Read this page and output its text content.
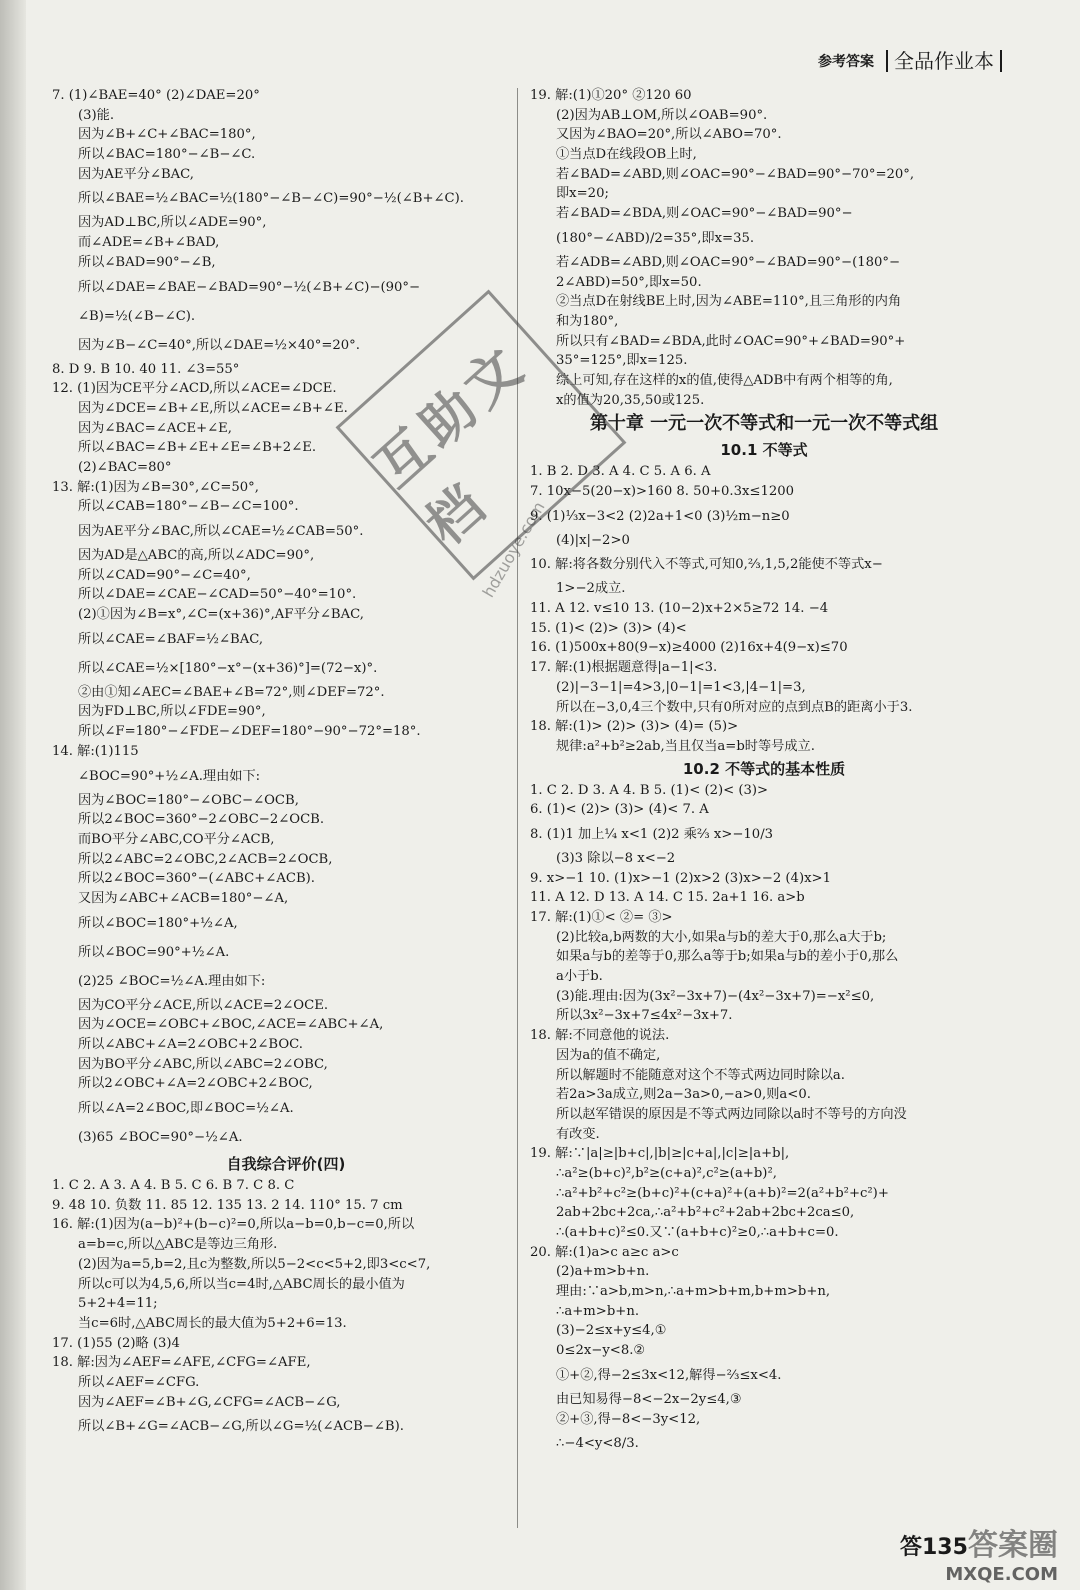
参考答案	全品作业本
7. (1)∠BAE=40° (2)∠DAE=20°
(3)能.
因为∠B+∠C+∠BAC=180°,
所以∠BAC=180°−∠B−∠C.
因为AE平分∠BAC,
所以∠BAE=½∠BAC=½(180°−∠B−∠C)=90°−½(∠B+∠C).
因为AD⊥BC,所以∠ADE=90°,
而∠ADE=∠B+∠BAD,
所以∠BAD=90°−∠B,
所以∠DAE=∠BAE−∠BAD=90°−½(∠B+∠C)−(90°−
∠B)=½(∠B−∠C).
因为∠B−∠C=40°,所以∠DAE=½×40°=20°.
8. D 9. B 10. 40 11. ∠3=55°
12. (1)因为CE平分∠ACD,所以∠ACE=∠DCE.
因为∠DCE=∠B+∠E,所以∠ACE=∠B+∠E.
因为∠BAC=∠ACE+∠E,
所以∠BAC=∠B+∠E+∠E=∠B+2∠E.
(2)∠BAC=80°
13. 解:(1)因为∠B=30°,∠C=50°,
所以∠CAB=180°−∠B−∠C=100°.
因为AE平分∠BAC,所以∠CAE=½∠CAB=50°.
因为AD是△ABC的高,所以∠ADC=90°,
所以∠CAD=90°−∠C=40°,
所以∠DAE=∠CAE−∠CAD=50°−40°=10°.
(2)①因为∠B=x°,∠C=(x+36)°,AF平分∠BAC,
所以∠CAE=∠BAF=½∠BAC,
所以∠CAE=½×[180°−x°−(x+36)°]=(72−x)°.
②由①知∠AEC=∠BAE+∠B=72°,则∠DEF=72°.
因为FD⊥BC,所以∠FDE=90°,
所以∠F=180°−∠FDE−∠DEF=180°−90°−72°=18°.
14. 解:(1)115
∠BOC=90°+½∠A.理由如下:
因为∠BOC=180°−∠OBC−∠OCB,
所以2∠BOC=360°−2∠OBC−2∠OCB.
而BO平分∠ABC,CO平分∠ACB,
所以2∠ABC=2∠OBC,2∠ACB=2∠OCB,
所以2∠BOC=360°−(∠ABC+∠ACB).
又因为∠ABC+∠ACB=180°−∠A,
所以∠BOC=180°+½∠A,
所以∠BOC=90°+½∠A.
(2)25 ∠BOC=½∠A.理由如下:
因为CO平分∠ACE,所以∠ACE=2∠OCE.
因为∠OCE=∠OBC+∠BOC,∠ACE=∠ABC+∠A,
所以∠ABC+∠A=2∠OBC+2∠BOC.
因为BO平分∠ABC,所以∠ABC=2∠OBC,
所以2∠OBC+∠A=2∠OBC+2∠BOC,
所以∠A=2∠BOC,即∠BOC=½∠A.
(3)65 ∠BOC=90°−½∠A.
自我综合评价(四)
1. C 2. A 3. A 4. B 5. C 6. B 7. C 8. C
9. 48 10. 负数 11. 85 12. 135 13. 2 14. 110° 15. 7 cm
16. 解:(1)因为(a−b)²+(b−c)²=0,所以a−b=0,b−c=0,所以
a=b=c,所以△ABC是等边三角形.
(2)因为a=5,b=2,且c为整数,所以5−2<c<5+2,即3<c<7,
所以c可以为4,5,6,所以当c=4时,△ABC周长的最小值为
5+2+4=11;
当c=6时,△ABC周长的最大值为5+2+6=13.
17. (1)55 (2)略 (3)4
18. 解:因为∠AEF=∠AFE,∠CFG=∠AFE,
所以∠AEF=∠CFG.
因为∠AEF=∠B+∠G,∠CFG=∠ACB−∠G,
所以∠B+∠G=∠ACB−∠G,所以∠G=½(∠ACB−∠B).
19. 解:(1)①20° ②120 60
(2)因为AB⊥OM,所以∠OAB=90°.
又因为∠BAO=20°,所以∠ABO=70°.
①当点D在线段OB上时,
若∠BAD=∠ABD,则∠OAC=90°−∠BAD=90°−70°=20°,
即x=20;
若∠BAD=∠BDA,则∠OAC=90°−∠BAD=90°−
(180°−∠ABD)/2=35°,即x=35.
若∠ADB=∠ABD,则∠OAC=90°−∠BAD=90°−(180°−
2∠ABD)=50°,即x=50.
②当点D在射线BE上时,因为∠ABE=110°,且三角形的内角
和为180°,
所以只有∠BAD=∠BDA,此时∠OAC=90°+∠BAD=90°+
35°=125°,即x=125.
综上可知,存在这样的x的值,使得△ADB中有两个相等的角,
x的值为20,35,50或125.
第十章 一元一次不等式和一元一次不等式组
10.1 不等式
1. B 2. D 3. A 4. C 5. A 6. A
7. 10x−5(20−x)>160 8. 50+0.3x≤1200
9. (1)⅓x−3<2 (2)2a+1<0 (3)½m−n≥0
(4)|x|−2>0
10. 解:将各数分别代入不等式,可知0,⅔,1,5,2能使不等式x−
1>−2成立.
11. A 12. v≤10 13. (10−2)x+2×5≥72 14. −4
15. (1)< (2)> (3)> (4)<
16. (1)500x+80(9−x)≥4000 (2)16x+4(9−x)≤70
17. 解:(1)根据题意得|a−1|<3.
(2)|−3−1|=4>3,|0−1|=1<3,|4−1|=3,
所以在−3,0,4三个数中,只有0所对应的点到点B的距离小于3.
18. 解:(1)> (2)> (3)> (4)= (5)>
规律:a²+b²≥2ab,当且仅当a=b时等号成立.
10.2 不等式的基本性质
1. C 2. D 3. A 4. B 5. (1)< (2)< (3)>
6. (1)< (2)> (3)> (4)< 7. A
8. (1)1 加上¼ x<1 (2)2 乘⅔ x>−10/3
(3)3 除以−8 x<−2
9. x>−1 10. (1)x>−1 (2)x>2 (3)x>−2 (4)x>1
11. A 12. D 13. A 14. C 15. 2a+1 16. a>b
17. 解:(1)①< ②= ③>
(2)比较a,b两数的大小,如果a与b的差大于0,那么a大于b;
如果a与b的差等于0,那么a等于b;如果a与b的差小于0,那么
a小于b.
(3)能.理由:因为(3x²−3x+7)−(4x²−3x+7)=−x²≤0,
所以3x²−3x+7≤4x²−3x+7.
18. 解:不同意他的说法.
因为a的值不确定,
所以解题时不能随意对这个不等式两边同时除以a.
若2a>3a成立,则2a−3a>0,−a>0,则a<0.
所以赵军错误的原因是不等式两边同除以a时不等号的方向没
有改变.
19. 解:∵|a|≥|b+c|,|b|≥|c+a|,|c|≥|a+b|,
∴a²≥(b+c)²,b²≥(c+a)²,c²≥(a+b)²,
∴a²+b²+c²≥(b+c)²+(c+a)²+(a+b)²=2(a²+b²+c²)+
2ab+2bc+2ca,∴a²+b²+c²+2ab+2bc+2ca≤0,
∴(a+b+c)²≤0.又∵(a+b+c)²≥0,∴a+b+c=0.
20. 解:(1)a>c a≥c a>c
(2)a+m>b+n.
理由:∵a>b,m>n,∴a+m>b+m,b+m>b+n,
∴a+m>b+n.
(3)−2≤x+y≤4,①
0≤2x−y<8.②
①+②,得−2≤3x<12,解得−⅔≤x<4.
由已知易得−8<−2x−2y≤4,③
②+③,得−8<−3y<12,
∴−4<y<8/3.
互助文档
hdzuoye.com
答案圈
MXQE.COM
答135
